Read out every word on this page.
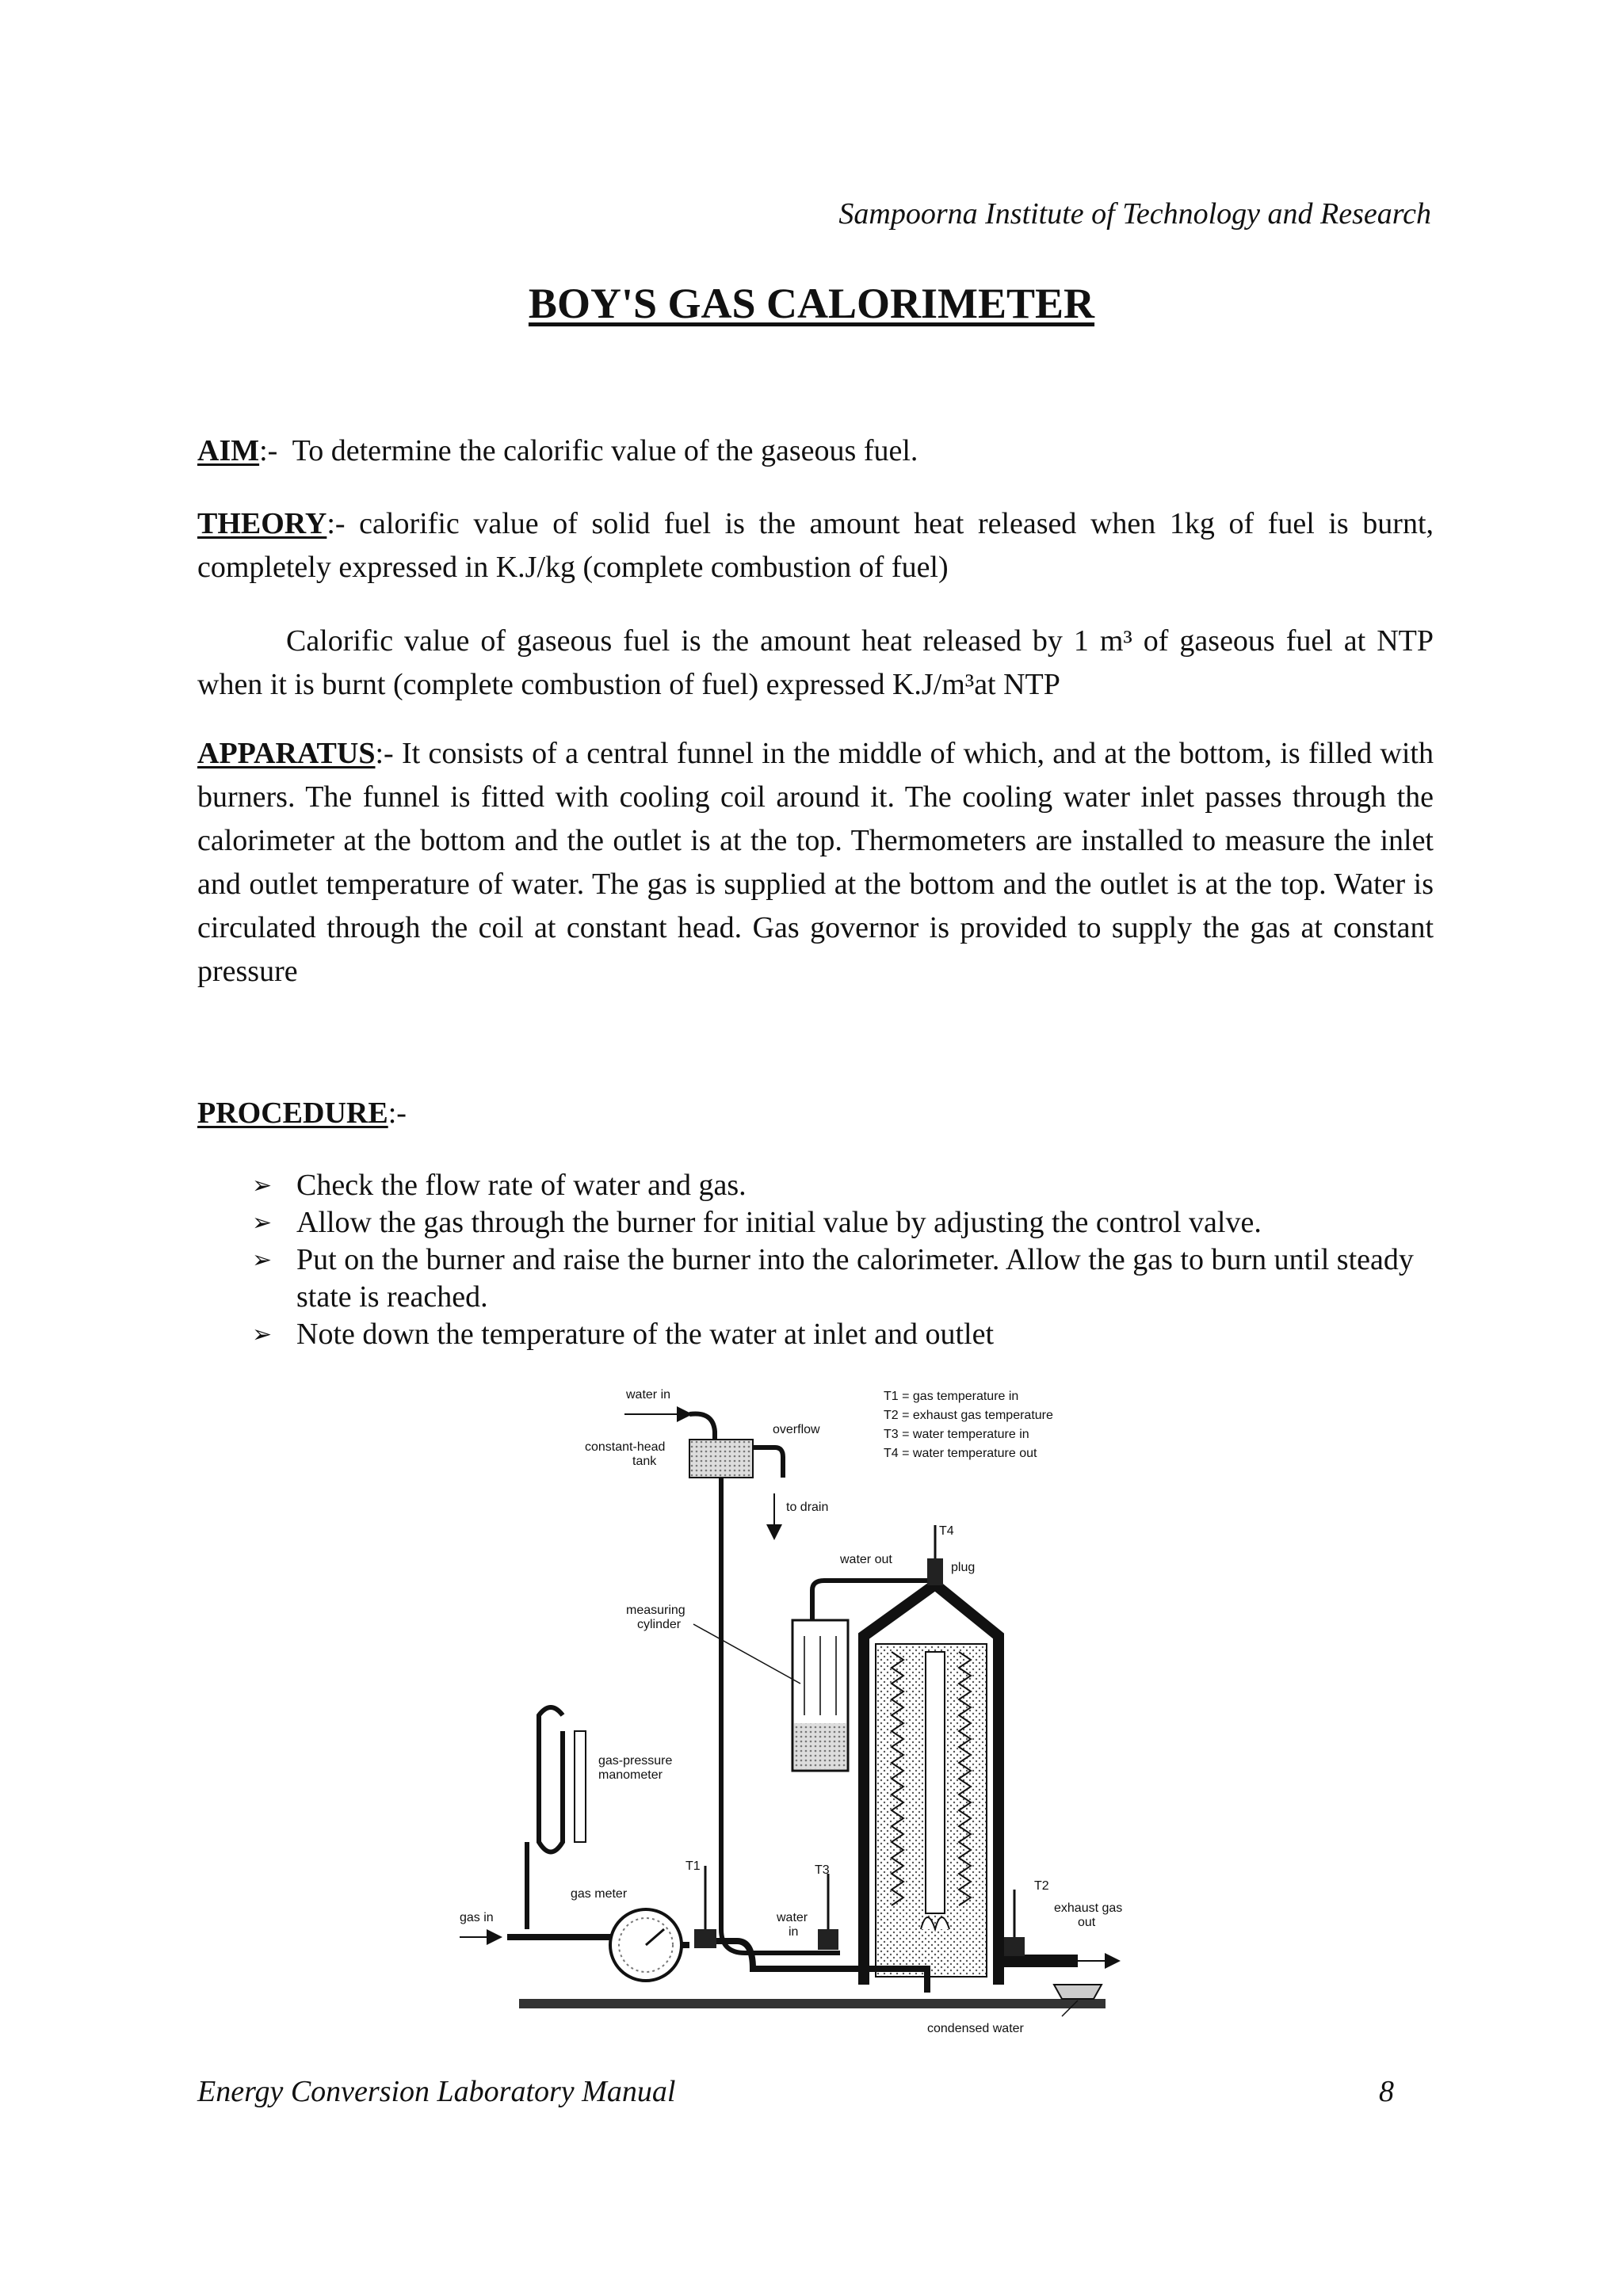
Sampoorna Institute of Technology and Research
BOY'S GAS CALORIMETER
AIM:- To determine the calorific value of the gaseous fuel.
THEORY:- calorific value of solid fuel is the amount heat released when 1kg of fuel is burnt, completely expressed in K.J/kg (complete combustion of fuel)
Calorific value of gaseous fuel is the amount heat released by 1 m³ of gaseous fuel at NTP when it is burnt (complete combustion of fuel) expressed K.J/m³at NTP
APPARATUS:- It consists of a central funnel in the middle of which, and at the bottom, is filled with burners. The funnel is fitted with cooling coil around it. The cooling water inlet passes through the calorimeter at the bottom and the outlet is at the top. Thermometers are installed to measure the inlet and outlet temperature of water. The gas is supplied at the bottom and the outlet is at the top. Water is circulated through the coil at constant head. Gas governor is provided to supply the gas at constant pressure
PROCEDURE:-
➢ Check the flow rate of water and gas.
➢ Allow the gas through the burner for initial value by adjusting the control valve.
➢ Put on the burner and raise the burner into the calorimeter. Allow the gas to burn until steady state is reached.
➢ Note down the temperature of the water at inlet and outlet
T1 = gas temperature in
T2 = exhaust gas temperature
T3 = water temperature in
T4 = water temperature out
water in
constant-head
tank
overflow
to drain
measuring
cylinder
water out
T4
plug
gas-pressure
manometer
gas in
gas meter
T1	T3
water
in
T2
exhaust gas
out
condensed water
Energy Conversion Laboratory Manual	8
